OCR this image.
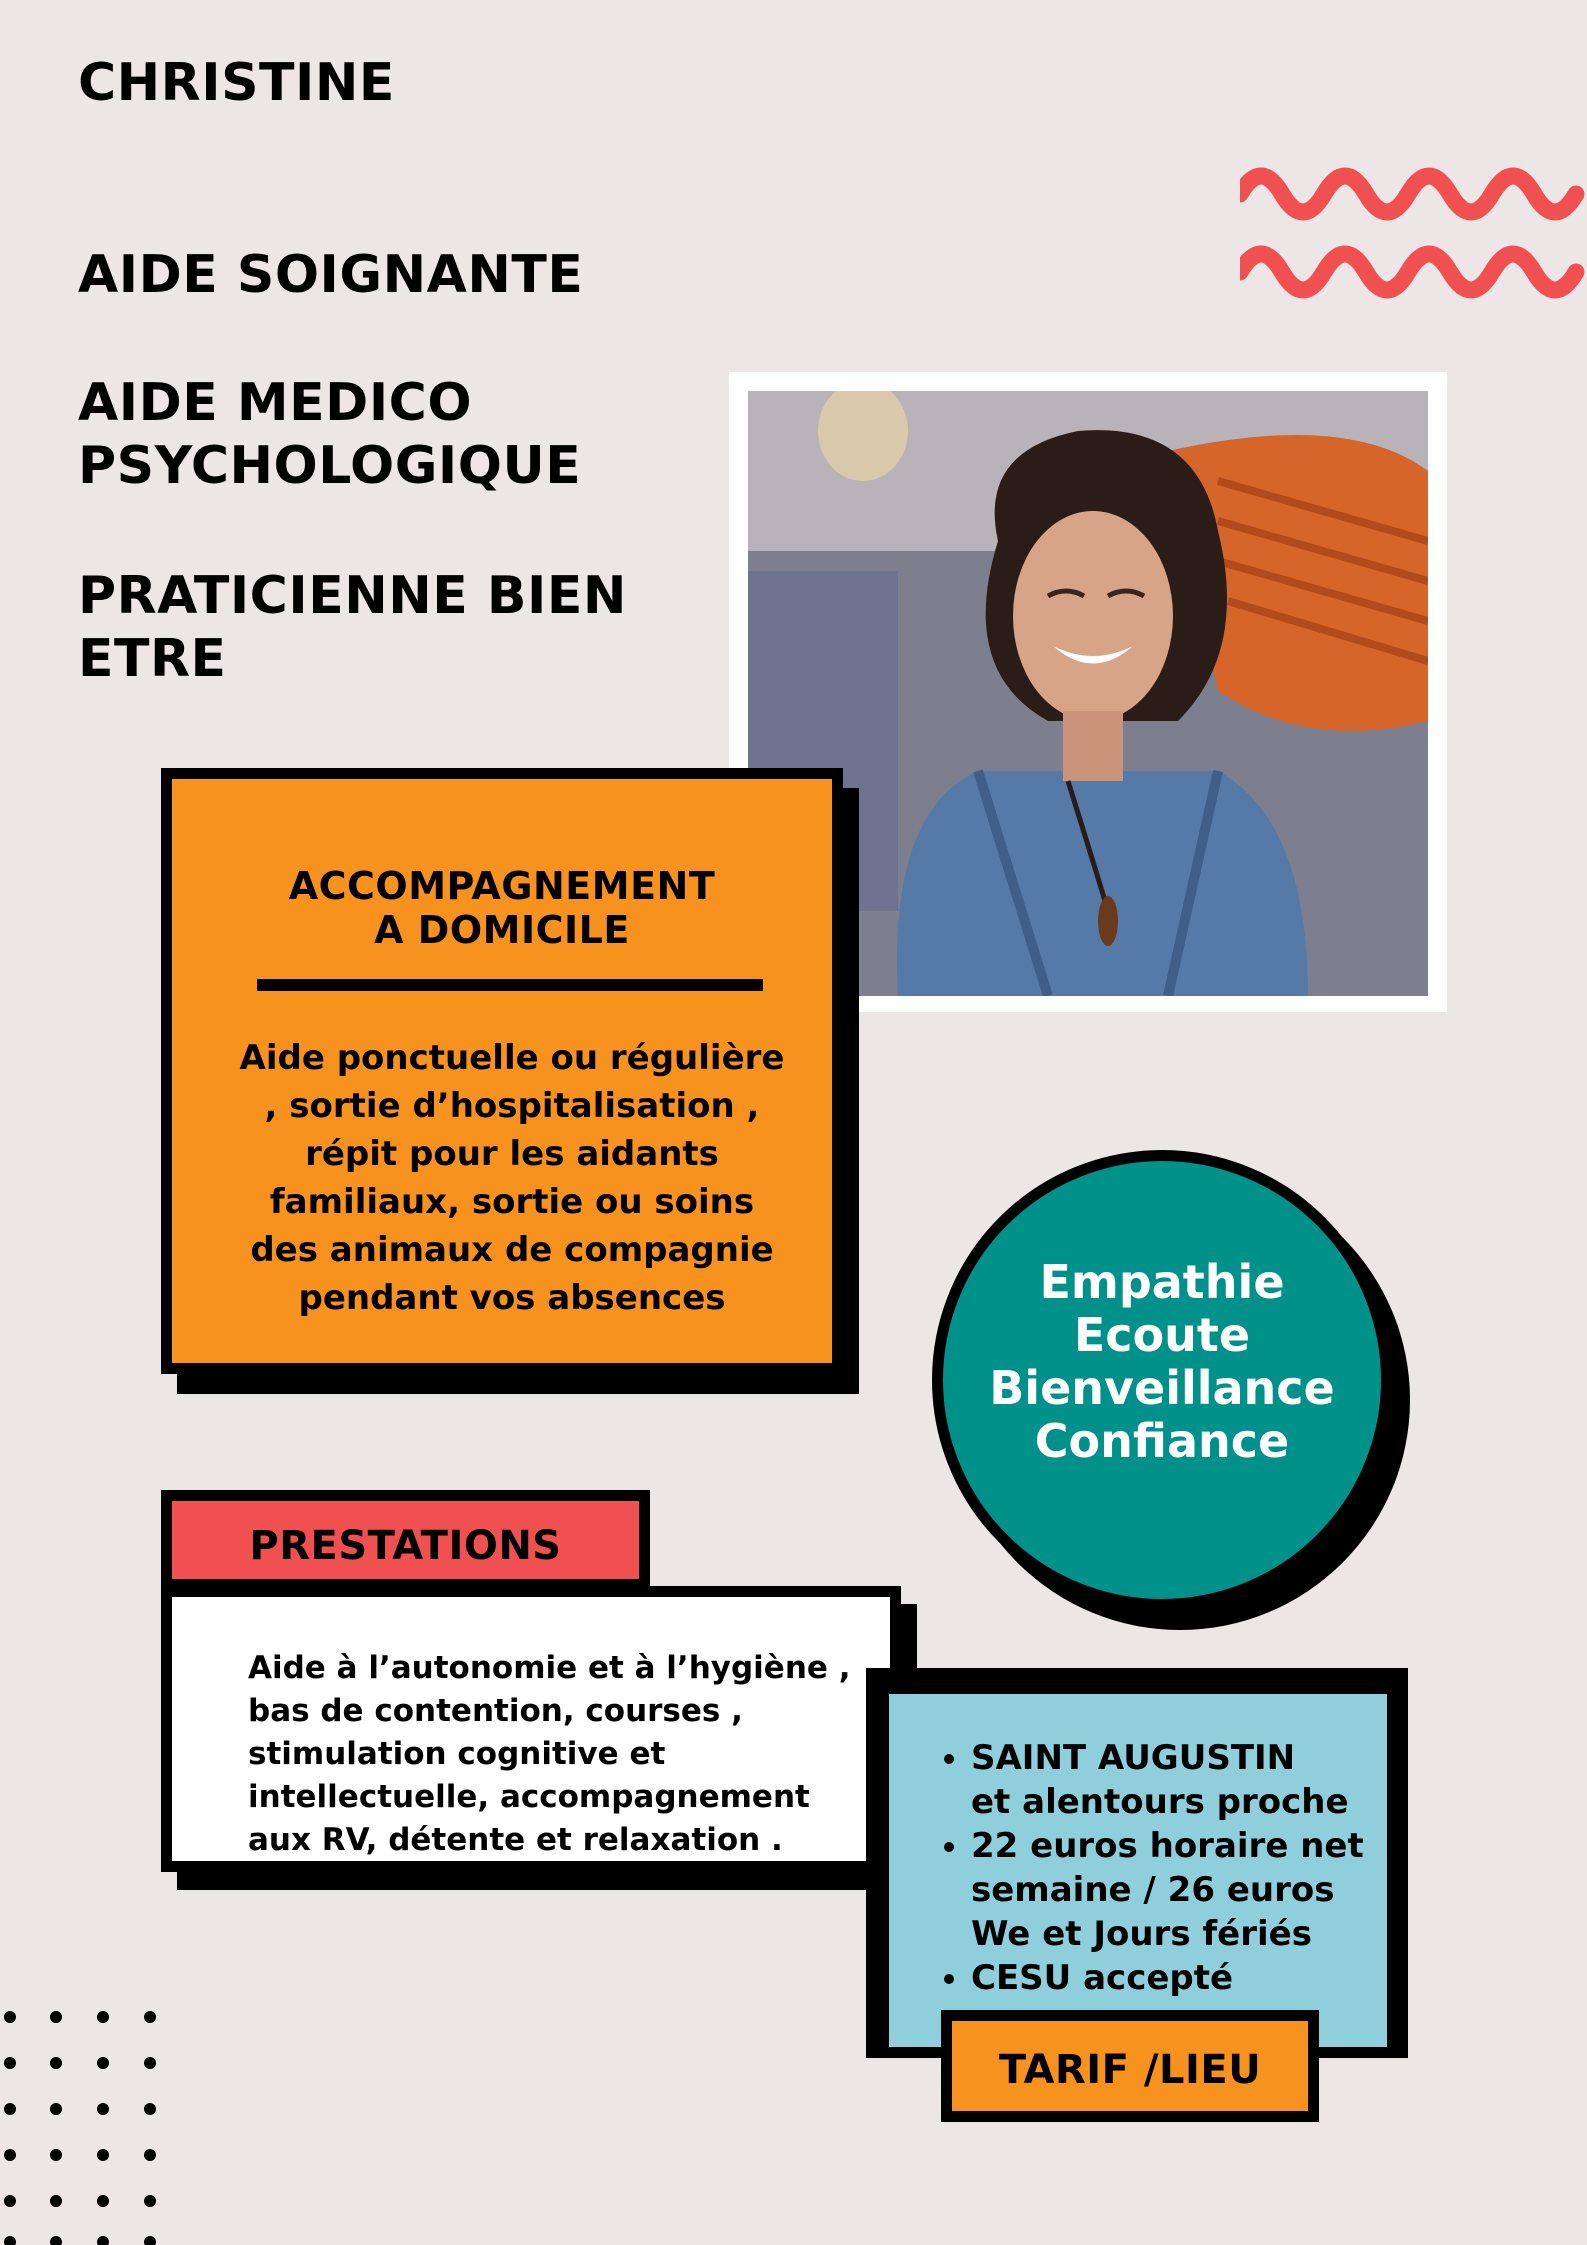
CHRISTINE
AIDE SOIGNANTE
AIDE MEDICO
PSYCHOLOGIQUE
PRATICIENNE BIEN
ETRE
ACCOMPAGNEMENT
A DOMICILE
Aide ponctuelle ou régulière
, sortie d’hospitalisation ,
répit pour les aidants
familiaux, sortie ou soins
des animaux de compagnie
pendant vos absences	Empathie
Ecoute
Bienveillance
Confiance
PRESTATIONS
Aide à l’autonomie et à l’hygiène ,
bas de contention, courses ,
stimulation cognitive et
intellectuelle, accompagnement
aux RV, détente et relaxation .
• SAINT AUGUSTIN
et alentours proche
• 22 euros horaire net
semaine / 26 euros
We et Jours fériés
• CESU accepté
TARIF /LIEU
